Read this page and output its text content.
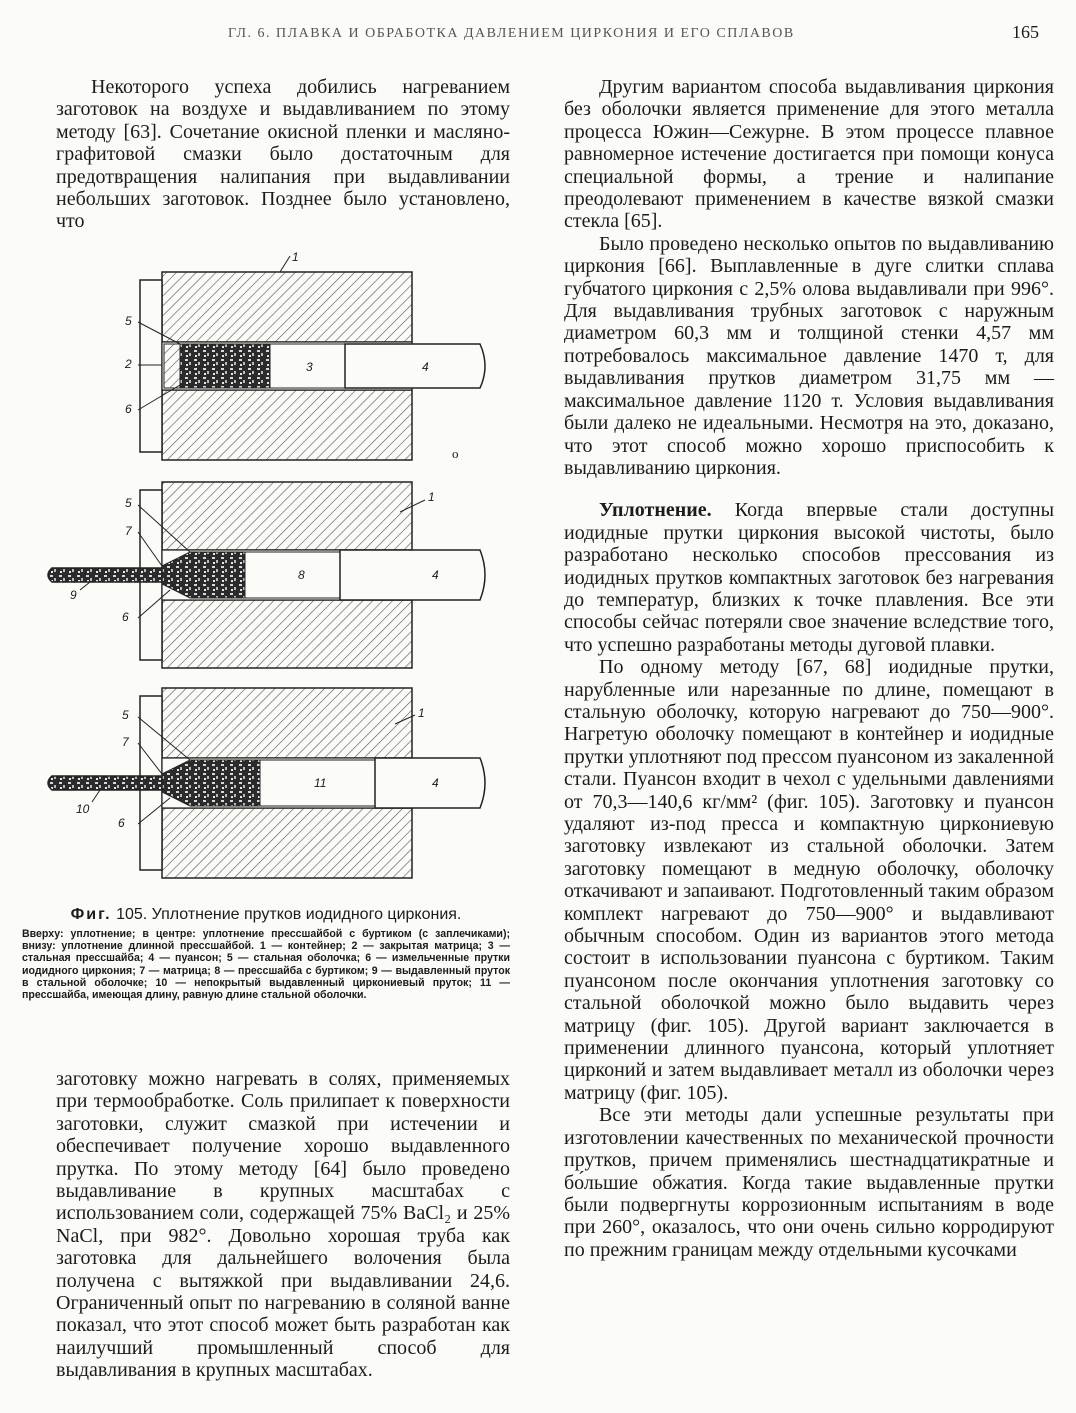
ГЛ. 6. ПЛАВКА И ОБРАБОТКА ДАВЛЕНИЕМ ЦИРКОНИЯ И ЕГО СПЛАВОВ	165

Некоторого успеха добились нагреванием заготовок на воздухе и выдавливанием по этому методу [63]. Сочетание окисной пленки и масляно-графитовой смазки было достаточным для предотвращения налипания при выдавливании небольших заготовок. Позднее было установлено, что

1
5
2
6
3	4
5	1
7
8	4
9
6
5	1
7
11	4
10
6
o

Фиг. 105. Уплотнение прутков иодидного циркония.

Вверху: уплотнение; в центре: уплотнение прессшайбой с буртиком (с заплечиками); внизу: уплотнение длинной прессшайбой. 1 — контейнер; 2 — закрытая матрица; 3 — стальная прессшайба; 4 — пуансон; 5 — стальная оболочка; 6 — измельченные прутки иодидного циркония; 7 — матрица; 8 — прессшайба с буртиком; 9 — выдавленный пруток в стальной оболочке; 10 — непокрытый выдавленный циркониевый пруток; 11 — прессшайба, имеющая длину, равную длине стальной оболочки.

заготовку можно нагревать в солях, применяемых при термообработке. Соль прилипает к поверхности заготовки, служит смазкой при истечении и обеспечивает получение хорошо выдавленного прутка. По этому методу [64] было проведено выдавливание в крупных масштабах с использованием соли, содержащей 75% BaCl₂ и 25% NaCl, при 982°. Довольно хорошая труба как заготовка для дальнейшего волочения была получена с вытяжкой при выдавливании 24,6. Ограниченный опыт по нагреванию в соляной ванне показал, что этот способ может быть разработан как наилучший промышленный способ для выдавливания в крупных масштабах.

Другим вариантом способа выдавливания циркония без оболочки является применение для этого металла процесса Южин—Сежурне. В этом процессе плавное равномерное истечение достигается при помощи конуса специальной формы, а трение и налипание преодолевают применением в качестве вязкой смазки стекла [65].

Было проведено несколько опытов по выдавливанию циркония [66]. Выплавленные в дуге слитки сплава губчатого циркония с 2,5% олова выдавливали при 996°. Для выдавливания трубных заготовок с наружным диаметром 60,3 мм и толщиной стенки 4,57 мм потребовалось максимальное давление 1470 т, для выдавливания прутков диаметром 31,75 мм — максимальное давление 1120 т. Условия выдавливания были далеко не идеальными. Несмотря на это, доказано, что этот способ можно хорошо приспособить к выдавливанию циркония.

Уплотнение. Когда впервые стали доступны иодидные прутки циркония высокой чистоты, было разработано несколько способов прессования из иодидных прутков компактных заготовок без нагревания до температур, близких к точке плавления. Все эти способы сейчас потеряли свое значение вследствие того, что успешно разработаны методы дуговой плавки.

По одному методу [67, 68] иодидные прутки, нарубленные или нарезанные по длине, помещают в стальную оболочку, которую нагревают до 750—900°. Нагретую оболочку помещают в контейнер и иодидные прутки уплотняют под прессом пуансоном из закаленной стали. Пуансон входит в чехол с удельными давлениями от 70,3—140,6 кг/мм² (фиг. 105). Заготовку и пуансон удаляют из-под пресса и компактную циркониевую заготовку извлекают из стальной оболочки. Затем заготовку помещают в медную оболочку, оболочку откачивают и запаивают. Подготовленный таким образом комплект нагревают до 750—900° и выдавливают обычным способом. Один из вариантов этого метода состоит в использовании пуансона с буртиком. Таким пуансоном после окончания уплотнения заготовку со стальной оболочкой можно было выдавить через матрицу (фиг. 105). Другой вариант заключается в применении длинного пуансона, который уплотняет цирконий и затем выдавливает металл из оболочки через матрицу (фиг. 105).

Все эти методы дали успешные результаты при изготовлении качественных по механической прочности прутков, причем применялись шестнадцатикратные и бо́льшие обжатия. Когда такие выдавленные прутки были подвергнуты коррозионным испытаниям в воде при 260°, оказалось, что они очень сильно корродируют по прежним границам между отдельными кусочками
